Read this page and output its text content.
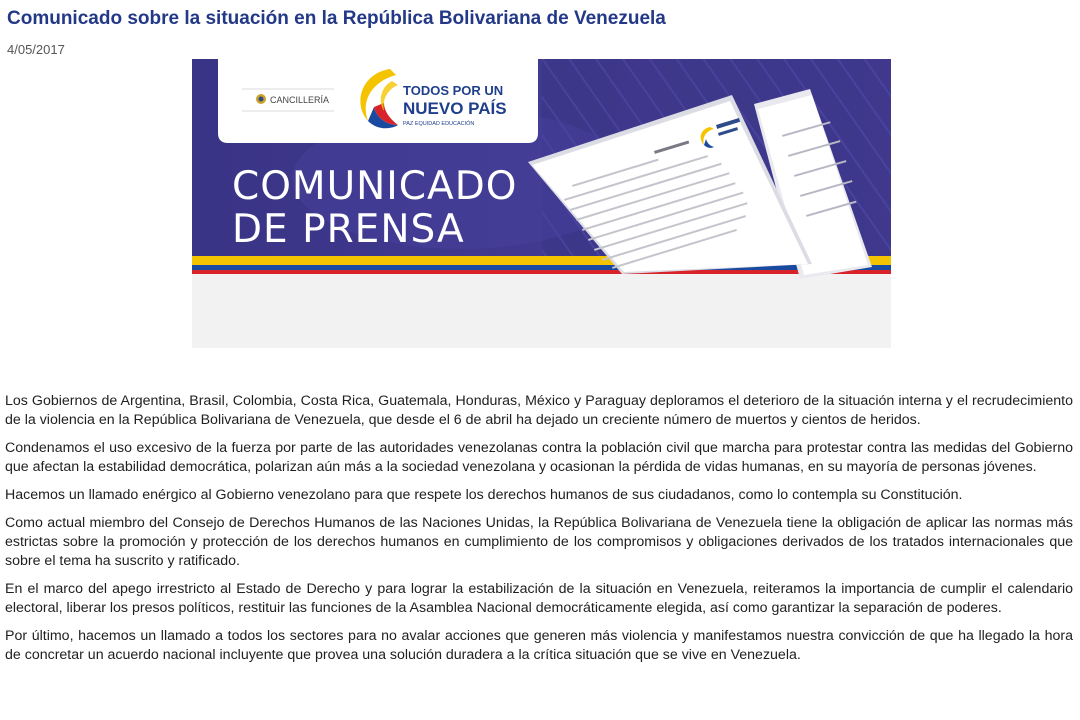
Comunicado sobre la situación en la República Bolivariana de Venezuela
4/05/2017
CANCILLERÍA
TODOS POR UN
NUEVO PAÍS
PAZ EQUIDAD EDUCACIÓN
COMUNICADO
DE PRENSA

Los Gobiernos de Argentina, Brasil, Colombia, Costa Rica, Guatemala, Honduras, México y Paraguay deploramos el deterioro de la situación interna y el recrudecimiento de la violencia en la República Bolivariana de Venezuela, que desde el 6 de abril ha dejado un creciente número de muertos y cientos de heridos.

Condenamos el uso excesivo de la fuerza por parte de las autoridades venezolanas contra la población civil que marcha para protestar contra las medidas del Gobierno que afectan la estabilidad democrática, polarizan aún más a la sociedad venezolana y ocasionan la pérdida de vidas humanas, en su mayoría de personas jóvenes.

Hacemos un llamado enérgico al Gobierno venezolano para que respete los derechos humanos de sus ciudadanos, como lo contempla su Constitución.

Como actual miembro del Consejo de Derechos Humanos de las Naciones Unidas, la República Bolivariana de Venezuela tiene la obligación de aplicar las normas más estrictas sobre la promoción y protección de los derechos humanos en cumplimiento de los compromisos y obligaciones derivados de los tratados internacionales que sobre el tema ha suscrito y ratificado.

En el marco del apego irrestricto al Estado de Derecho y para lograr la estabilización de la situación en Venezuela, reiteramos la importancia de cumplir el calendario electoral, liberar los presos políticos, restituir las funciones de la Asamblea Nacional democráticamente elegida, así como garantizar la separación de poderes.

Por último, hacemos un llamado a todos los sectores para no avalar acciones que generen más violencia y manifestamos nuestra convicción de que ha llegado la hora de concretar un acuerdo nacional incluyente que provea una solución duradera a la crítica situación que se vive en Venezuela.
